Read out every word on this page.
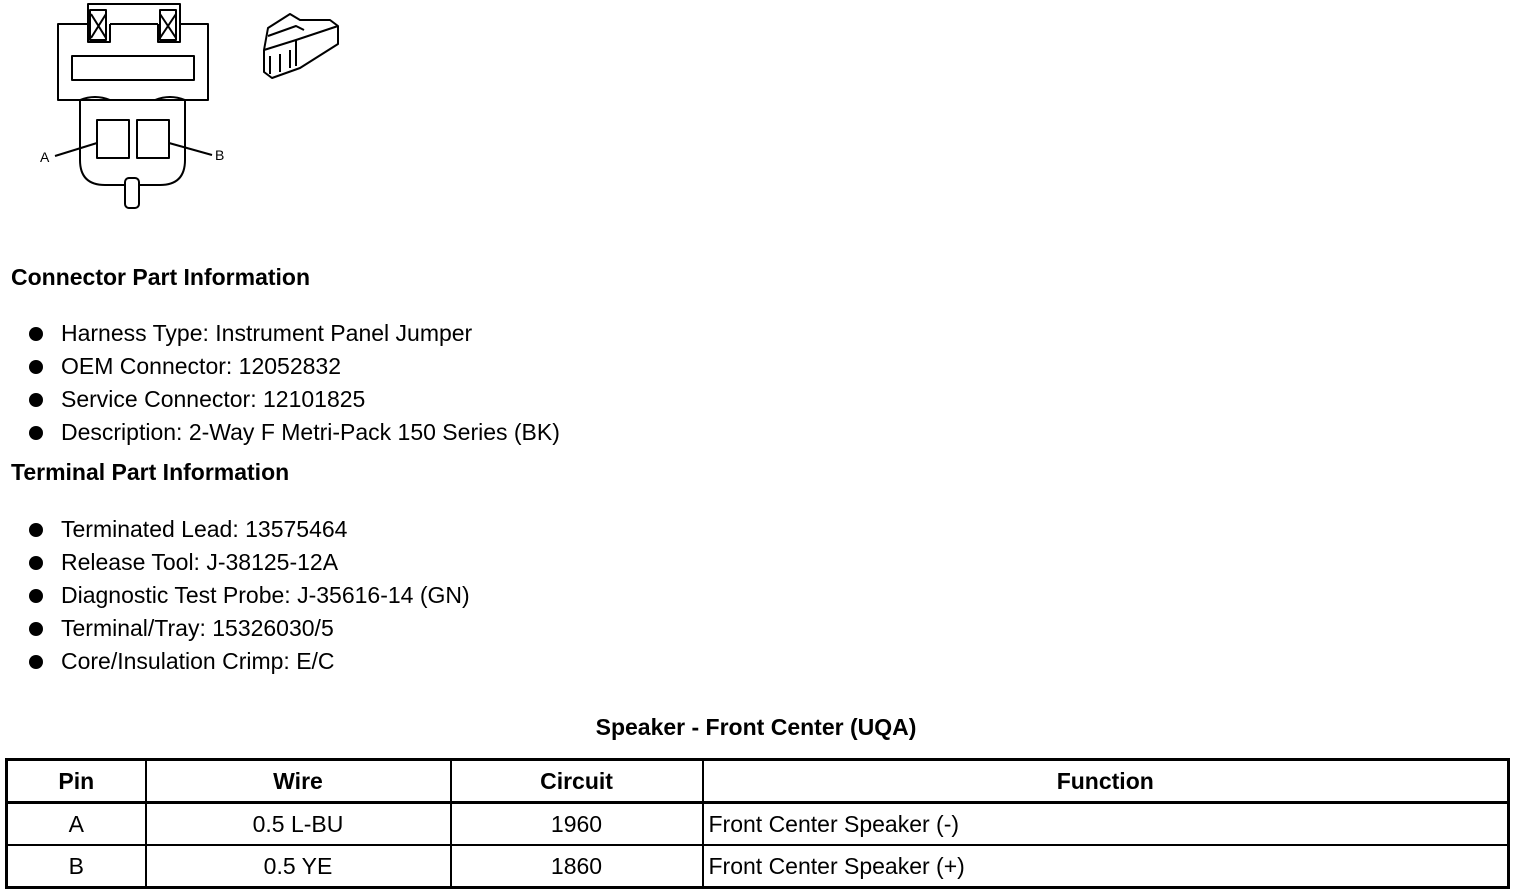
A	B
Connector Part Information
Harness Type: Instrument Panel Jumper
OEM Connector: 12052832
Service Connector: 12101825
Description: 2-Way F Metri-Pack 150 Series (BK)
Terminal Part Information
Terminated Lead: 13575464
Release Tool: J-38125-12A
Diagnostic Test Probe: J-35616-14 (GN)
Terminal/Tray: 15326030/5
Core/Insulation Crimp: E/C
Speaker - Front Center (UQA)
Pin	Wire	Circuit	Function
A	0.5 L-BU	1960	Front Center Speaker (-)
B	0.5 YE	1860	Front Center Speaker (+)
